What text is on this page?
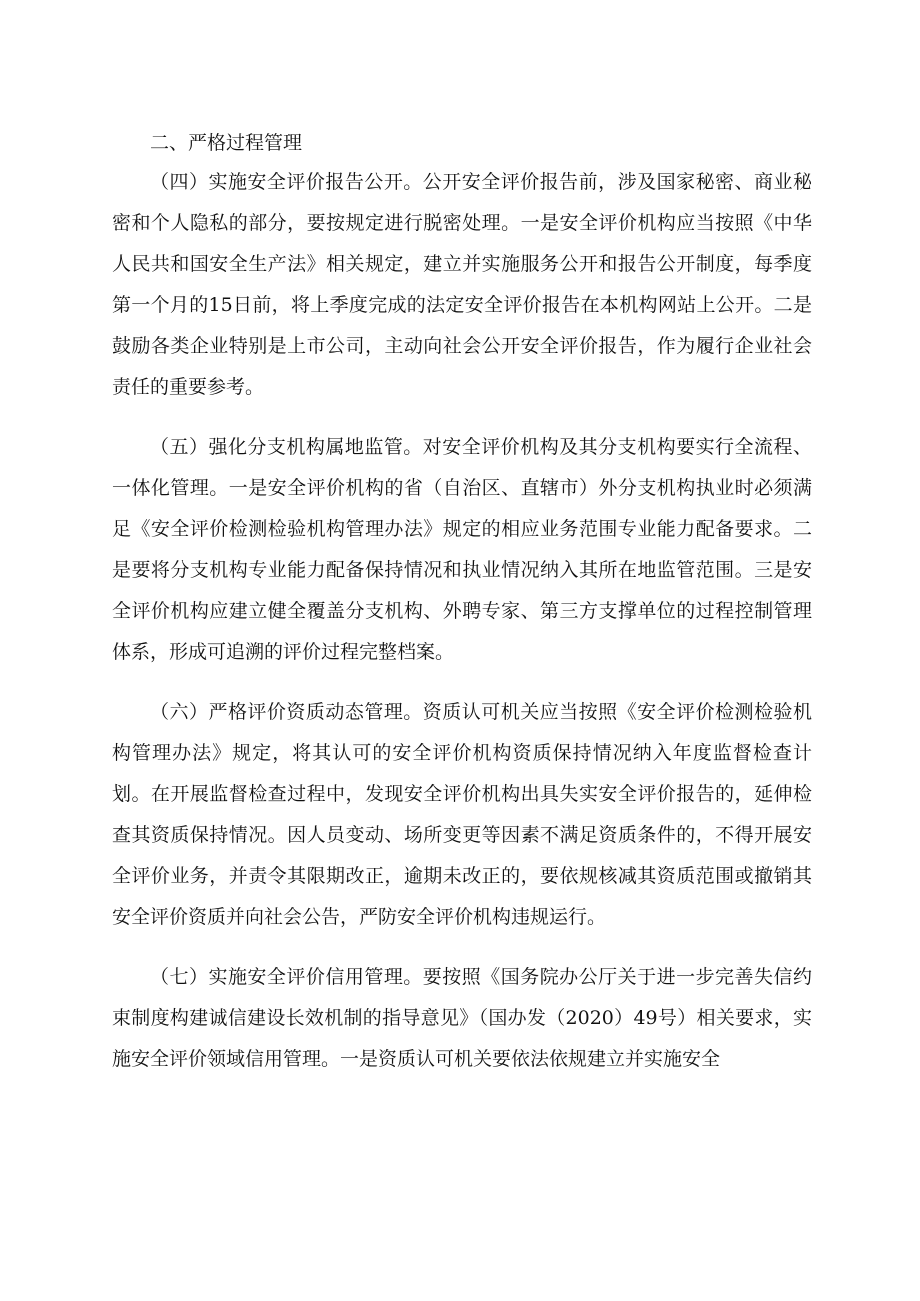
二、严格过程管理

（四）实施安全评价报告公开。公开安全评价报告前，涉及国家秘密、商业秘密和个人隐私的部分，要按规定进行脱密处理。一是安全评价机构应当按照《中华人民共和国安全生产法》相关规定，建立并实施服务公开和报告公开制度，每季度第一个月的15日前，将上季度完成的法定安全评价报告在本机构网站上公开。二是鼓励各类企业特别是上市公司，主动向社会公开安全评价报告，作为履行企业社会责任的重要参考。

（五）强化分支机构属地监管。对安全评价机构及其分支机构要实行全流程、一体化管理。一是安全评价机构的省（自治区、直辖市）外分支机构执业时必须满足《安全评价检测检验机构管理办法》规定的相应业务范围专业能力配备要求。二是要将分支机构专业能力配备保持情况和执业情况纳入其所在地监管范围。三是安全评价机构应建立健全覆盖分支机构、外聘专家、第三方支撑单位的过程控制管理体系，形成可追溯的评价过程完整档案。

（六）严格评价资质动态管理。资质认可机关应当按照《安全评价检测检验机构管理办法》规定，将其认可的安全评价机构资质保持情况纳入年度监督检查计划。在开展监督检查过程中，发现安全评价机构出具失实安全评价报告的，延伸检查其资质保持情况。因人员变动、场所变更等因素不满足资质条件的，不得开展安全评价业务，并责令其限期改正，逾期未改正的，要依规核减其资质范围或撤销其安全评价资质并向社会公告，严防安全评价机构违规运行。

（七）实施安全评价信用管理。要按照《国务院办公厅关于进一步完善失信约束制度构建诚信建设长效机制的指导意见》（国办发（2020）49号）相关要求，实施安全评价领域信用管理。一是资质认可机关要依法依规建立并实施安全
